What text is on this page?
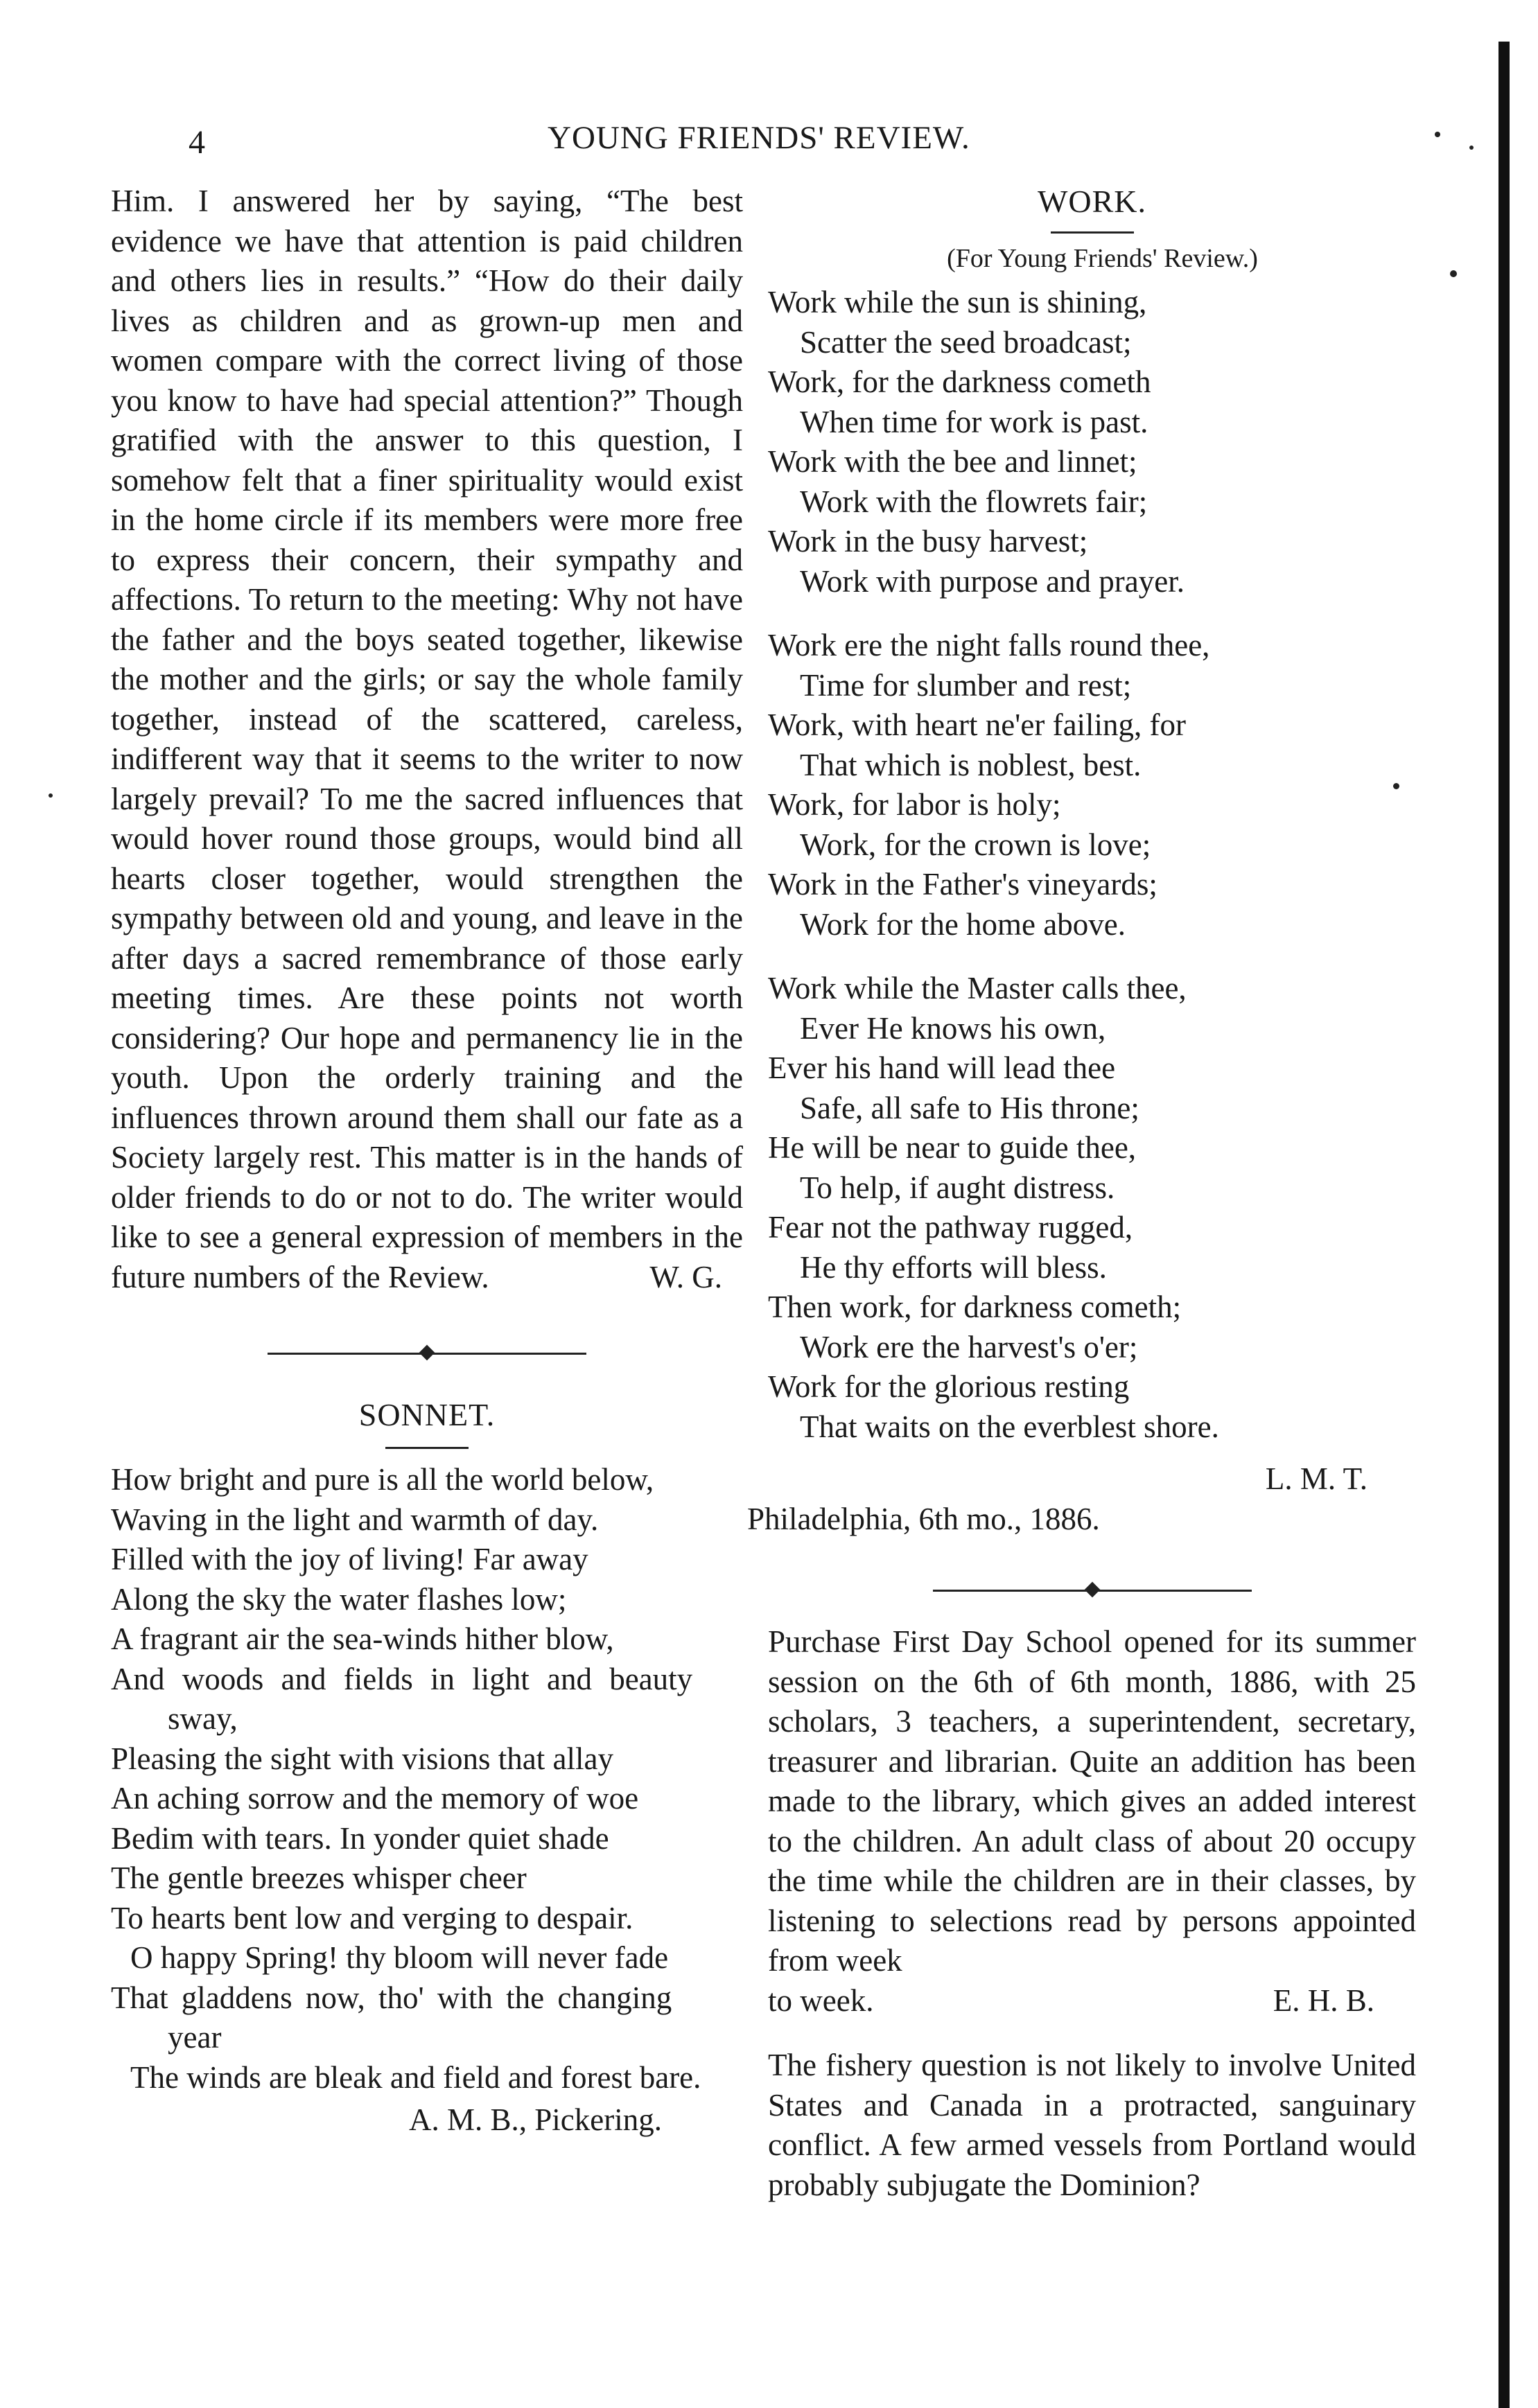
4	YOUNG FRIENDS' REVIEW.

Him. I answered her by saying, “The best evidence we have that attention is paid children and others lies in results.” “How do their daily lives as children and as grown-up men and women compare with the correct living of those you know to have had special attention?” Though gratified with the answer to this question, I somehow felt that a finer spirituality would exist in the home circle if its members were more free to express their concern, their sympathy and affections. To return to the meeting: Why not have the father and the boys seated together, likewise the mother and the girls; or say the whole family together, instead of the scattered, careless, indifferent way that it seems to the writer to now largely prevail? To me the sacred influences that would hover round those groups, would bind all hearts closer together, would strengthen the sympathy between old and young, and leave in the after days a sacred remembrance of those early meeting times. Are these points not worth considering? Our hope and permanency lie in the youth. Upon the orderly training and the influences thrown around them shall our fate as a Society largely rest. This matter is in the hands of older friends to do or not to do. The writer would like to see a general expression of members in the future numbers of the Review.	W. G.
SONNET.
How bright and pure is all the world below,
Waving in the light and warmth of day.
Filled with the joy of living! Far away
Along the sky the water flashes low;
A fragrant air the sea-winds hither blow,
And woods and fields in light and beauty
sway,
Pleasing the sight with visions that allay
An aching sorrow and the memory of woe
Bedim with tears. In yonder quiet shade
The gentle breezes whisper cheer
To hearts bent low and verging to despair.
O happy Spring! thy bloom will never fade
That gladdens now, tho' with the changing
year
The winds are bleak and field and forest bare.
A. M. B., Pickering.
WORK.
(For Young Friends' Review.)
Work while the sun is shining,
Scatter the seed broadcast;
Work, for the darkness cometh
When time for work is past.
Work with the bee and linnet;
Work with the flowrets fair;
Work in the busy harvest;
Work with purpose and prayer.
Work ere the night falls round thee,
Time for slumber and rest;
Work, with heart ne'er failing, for
That which is noblest, best.
Work, for labor is holy;
Work, for the crown is love;
Work in the Father's vineyards;
Work for the home above.
Work while the Master calls thee,
Ever He knows his own,
Ever his hand will lead thee
Safe, all safe to His throne;
He will be near to guide thee,
To help, if aught distress.
Fear not the pathway rugged,
He thy efforts will bless.
Then work, for darkness cometh;
Work ere the harvest's o'er;
Work for the glorious resting
That waits on the everblest shore.
L. M. T.
Philadelphia, 6th mo., 1886.

Purchase First Day School opened for its summer session on the 6th of 6th month, 1886, with 25 scholars, 3 teachers, a superintendent, secretary, treasurer and librarian. Quite an addition has been made to the library, which gives an added interest to the children. An adult class of about 20 occupy the time while the children are in their classes, by listening to selections read by persons appointed from week

to week.	E. H. B.

The fishery question is not likely to involve United States and Canada in a protracted, sanguinary conflict. A few armed vessels from Portland would probably subjugate the Dominion?
